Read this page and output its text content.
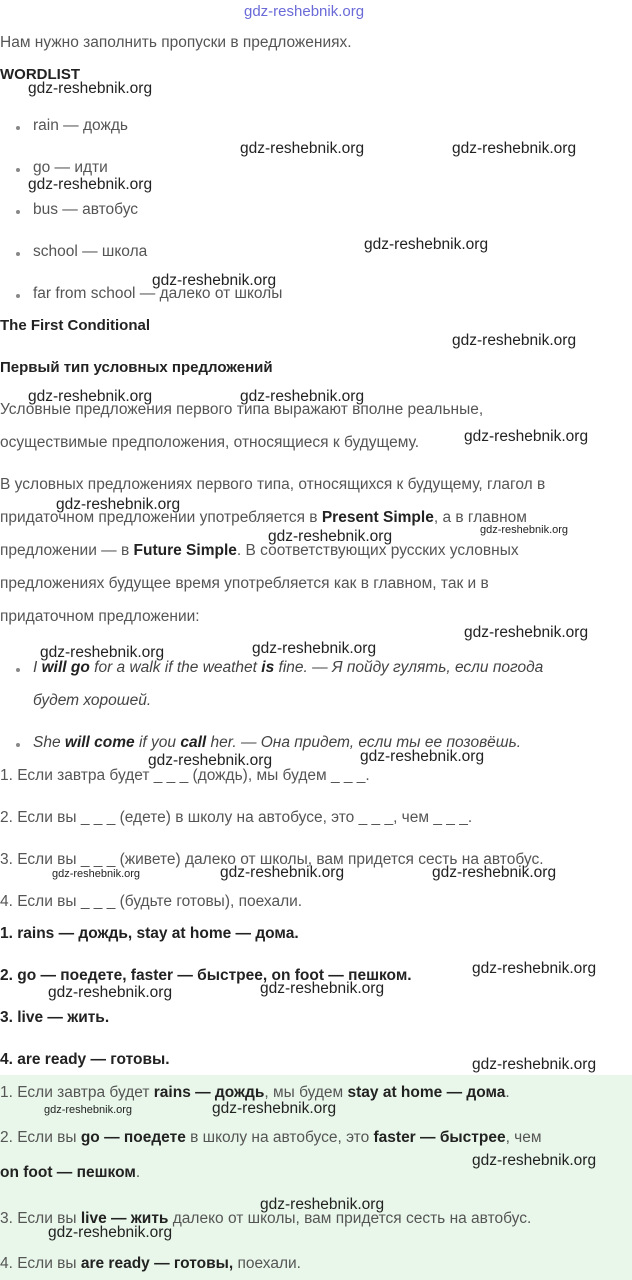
gdz-reshebnik.org
Нам нужно заполнить пропуски в предложениях.
WORDLIST
rain — дождь
go — идти
bus — автобус
school — школа
far from school — далеко от школы
The First Conditional
Первый тип условных предложений
Условные предложения первого типа выражают вполне реальные,
осуществимые предположения, относящиеся к будущему.
В условных предложениях первого типа, относящихся к будущему, глагол в
придаточном предложении употребляется в Present Simple, а в главном
предложении — в Future Simple. В соответствующих русских условных
предложениях будущее время употребляется как в главном, так и в
придаточном предложении:
I will go for a walk if the weathet is fine. — Я пойду гулять, если погода
будет хорошей.
She will come if you call her. — Она придет, если ты ее позовёшь.
1. Если завтра будет _ _ _ (дождь), мы будем _ _ _.
2. Если вы _ _ _ (едете) в школу на автобусе, это _ _ _, чем _ _ _.
3. Если вы _ _ _ (живете) далеко от школы, вам придется сесть на автобус.
4. Если вы _ _ _ (будьте готовы), поехали.
1. rains — дождь, stay at home — дома.
2. go — поедете, faster — быстрее, on foot — пешком.
3. live — жить.
4. are ready — готовы.
1. Если завтра будет rains — дождь, мы будем stay at home — дома.
2. Если вы go — поедете в школу на автобусе, это faster — быстрее, чем
on foot — пешком.
3. Если вы live — жить далеко от школы, вам придется сесть на автобус.
4. Если вы are ready — готовы, поехали.
gdz-reshebnik.org
gdz-reshebnik.org	gdz-reshebnik.org
gdz-reshebnik.org
gdz-reshebnik.org
gdz-reshebnik.org
gdz-reshebnik.org
gdz-reshebnik.org	gdz-reshebnik.org
gdz-reshebnik.org
gdz-reshebnik.org
gdz-reshebnik.org
gdz-reshebnik.org
gdz-reshebnik.org
gdz-reshebnik.org	gdz-reshebnik.org
gdz-reshebnik.org	gdz-reshebnik.org
gdz-reshebnik.org	gdz-reshebnik.org	gdz-reshebnik.org
gdz-reshebnik.org
gdz-reshebnik.org	gdz-reshebnik.org
gdz-reshebnik.org
gdz-reshebnik.org	gdz-reshebnik.org
gdz-reshebnik.org
gdz-reshebnik.org
gdz-reshebnik.org
